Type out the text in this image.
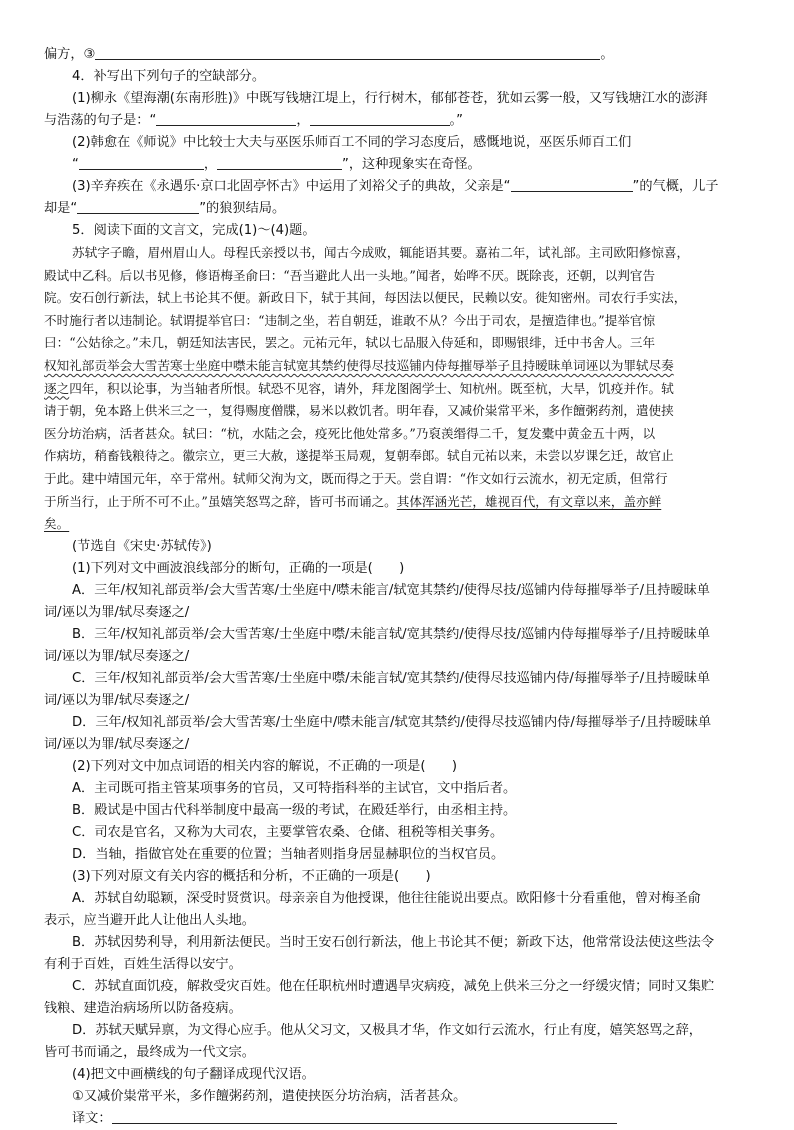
偏方，③	。
4．补写出下列句子的空缺部分。
(1)柳永《望海潮(东南形胜)》中既写钱塘江堤上，行行树木，郁郁苍苍，犹如云雾一般，又写钱塘江水的澎湃
与浩荡的句子是：“	，	。”
(2)韩愈在《师说》中比较士大夫与巫医乐师百工不同的学习态度后，感慨地说，巫医乐师百工们
“	，	”，这种现象实在奇怪。
(3)辛弃疾在《永遇乐·京口北固亭怀古》中运用了刘裕父子的典故，父亲是“	”的气概，儿子
却是“	”的狼狈结局。
5．阅读下面的文言文，完成(1)～(4)题。
苏轼字子瞻，眉州眉山人。母程氏亲授以书，闻古今成败，辄能语其要。嘉祐二年，试礼部。主司欧阳修惊喜，
殿试中乙科。后以书见修，修语梅圣俞曰：“吾当避此人出一头地。”闻者，始哗不厌。既除丧，还朝，以判官告
院。安石创行新法，轼上书论其不便。新政日下，轼于其间，每因法以便民，民赖以安。徙知密州。司农行手实法，
不时施行者以违制论。轼谓提举官曰：“违制之坐，若自朝廷，谁敢不从？今出于司农，是擅造律也。”提举官惊
曰：“公姑徐之。”未几，朝廷知法害民，罢之。元祐元年，轼以七品服入侍延和，即赐银绯，迁中书舍人。三年
权知礼部贡举会大雪苦寒士坐庭中噤未能言轼宽其禁约使得尽技巡铺内侍每摧辱举子且持暧昧单词诬以为罪轼尽奏
逐之四年，积以论事，为当轴者所恨。轼恐不见容，请外，拜龙图阁学士、知杭州。既至杭，大旱，饥疫并作。轼
请于朝，免本路上供米三之一，复得赐度僧牒，易米以救饥者。明年春，又减价粜常平米，多作饘粥药剂，遣使挟
医分坊治病，活者甚众。轼曰：“杭，水陆之会，疫死比他处常多。”乃裒羡缗得二千，复发橐中黄金五十两，以
作病坊，稍畜钱粮待之。徽宗立，更三大赦，遂提举玉局观，复朝奉郎。轼自元祐以来，未尝以岁课乞迁，故官止
于此。建中靖国元年，卒于常州。轼师父洵为文，既而得之于天。尝自谓：“作文如行云流水，初无定质，但常行
于所当行，止于所不可不止。”虽嬉笑怒骂之辞，皆可书而诵之。其体浑涵光芒，雄视百代，有文章以来，盖亦鲜
矣。
(节选自《宋史·苏轼传》)
(1)下列对文中画波浪线部分的断句，正确的一项是(　　)
A．三年/权知礼部贡举/会大雪苦寒/士坐庭中/噤未能言/轼宽其禁约/使得尽技/巡铺内侍每摧辱举子/且持暧昧单
词/诬以为罪/轼尽奏逐之/
B．三年/权知礼部贡举/会大雪苦寒/士坐庭中噤/未能言轼/宽其禁约/使得尽技/巡铺内侍每摧辱举子/且持暧昧单
词/诬以为罪/轼尽奏逐之/
C．三年/权知礼部贡举/会大雪苦寒/士坐庭中噤/未能言轼/宽其禁约/使得尽技巡铺内侍/每摧辱举子/且持暧昧单
词/诬以为罪/轼尽奏逐之/
D．三年/权知礼部贡举/会大雪苦寒/士坐庭中/噤未能言/轼宽其禁约/使得尽技巡铺内侍/每摧辱举子/且持暧昧单
词/诬以为罪/轼尽奏逐之/
(2)下列对文中加点词语的相关内容的解说，不正确的一项是(　　)
A．主司既可指主管某项事务的官员，又可特指科举的主试官，文中指后者。
B．殿试是中国古代科举制度中最高一级的考试，在殿廷举行，由丞相主持。
C．司农是官名，又称为大司农，主要掌管农桑、仓储、租税等相关事务。
D．当轴，指做官处在重要的位置；当轴者则指身居显赫职位的当权官员。
(3)下列对原文有关内容的概括和分析，不正确的一项是(　　)
A．苏轼自幼聪颖，深受时贤赏识。母亲亲自为他授课，他往往能说出要点。欧阳修十分看重他，曾对梅圣俞
表示，应当避开此人让他出人头地。
B．苏轼因势利导，利用新法便民。当时王安石创行新法，他上书论其不便；新政下达，他常常设法使这些法令
有利于百姓，百姓生活得以安宁。
C．苏轼直面饥疫，解救受灾百姓。他在任职杭州时遭遇旱灾病疫，减免上供米三分之一纾缓灾情；同时又集贮
钱粮、建造治病场所以防备疫病。
D．苏轼天赋异禀，为文得心应手。他从父习文，又极具才华，作文如行云流水，行止有度，嬉笑怒骂之辞，
皆可书而诵之，最终成为一代文宗。
(4)把文中画横线的句子翻译成现代汉语。
①又减价粜常平米，多作饘粥药剂，遣使挟医分坊治病，活者甚众。
译文：
